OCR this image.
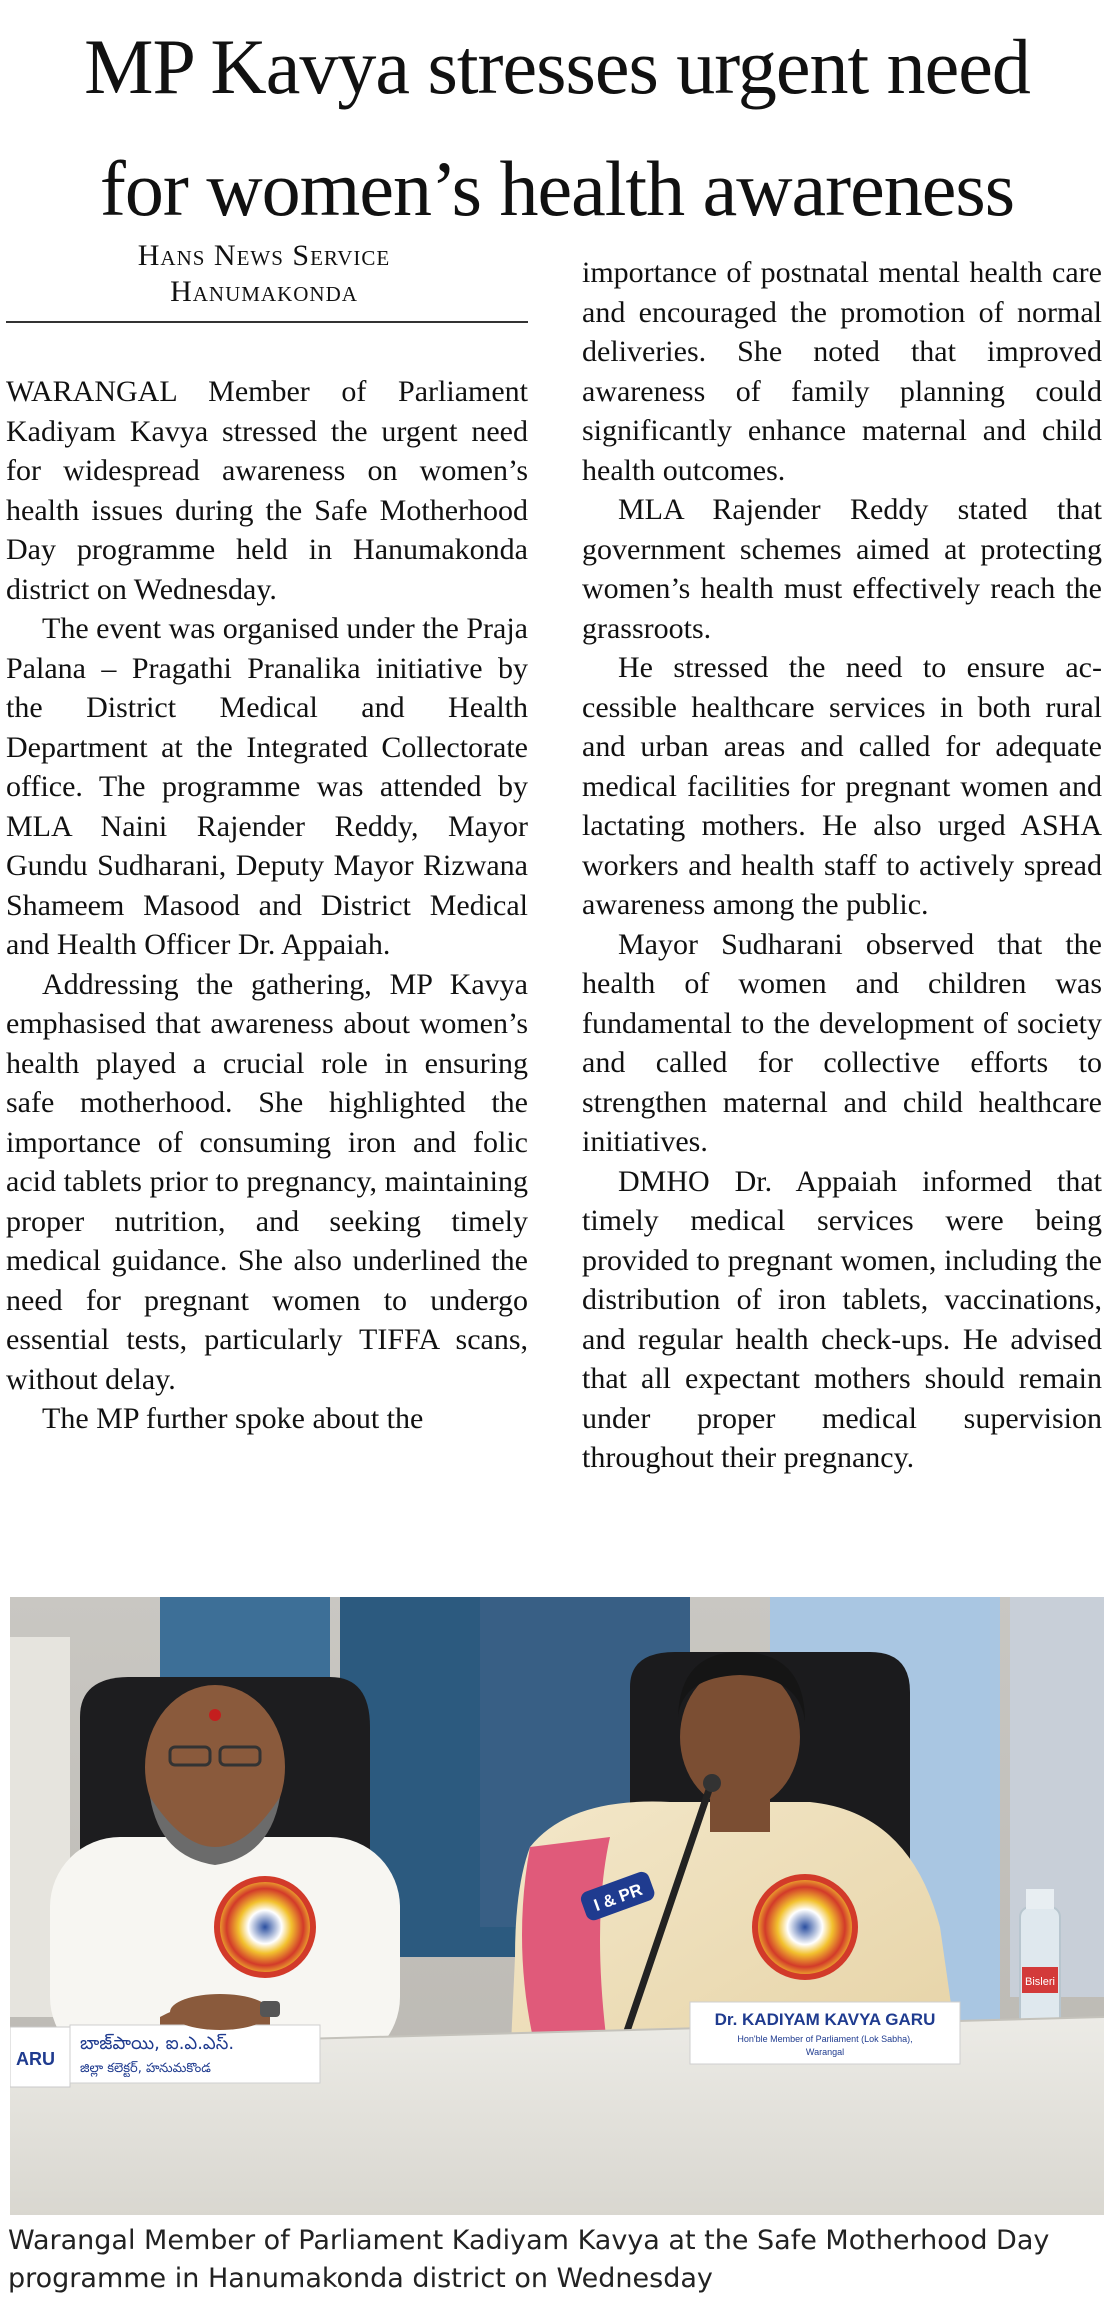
MP Kavya stresses urgent need
for women’s health awareness
Hans News Service
Hanumakonda

WARANGAL Member of Parliament Kadiyam Kavya stressed the urgent need for widespread awareness on women’s health issues during the Safe Motherhood Day programme held in Hanumakonda district on Wednesday.

The event was organised under the Praja Palana – Pragathi Pranalika initiative by the District Medical and Health Department at the Integrated Collectorate office. The programme was attended by MLA Naini Rajender Reddy, Mayor Gundu Sudharani, Deputy Mayor Rizwana Shameem Masood and District Medical and Health Officer Dr. Appaiah.

Addressing the gathering, MP Kavya emphasised that awareness about women’s health played a crucial role in ensuring safe motherhood. She highlighted the importance of consuming iron and folic acid tablets prior to pregnancy, maintaining proper nutrition, and seeking timely medical guidance. She also underlined the need for pregnant women to undergo essential tests, particularly TIFFA scans, without delay.

The MP further spoke about the

importance of postnatal mental health care and encouraged the promotion of normal deliveries. She noted that improved awareness of family planning could significantly enhance maternal and child health outcomes.

MLA Rajender Reddy stated that government schemes aimed at protecting women’s health must effectively reach the grassroots.

He stressed the need to ensure accessible healthcare services in both rural and urban areas and called for adequate medical facilities for pregnant women and lactating mothers. He also urged ASHA workers and health staff to actively spread awareness among the public.

Mayor Sudharani observed that the health of women and children was fundamental to the development of society and called for collective efforts to strengthen maternal and child healthcare initiatives.

DMHO Dr. Appaiah informed that timely medical services were being provided to pregnant women, including the distribution of iron tablets, vaccinations, and regular health check-ups. He advised that all expectant mothers should remain under proper medical supervision throughout their pregnancy.

I & PR
Bisleri
ARU
బాజ్‌పాయి, ఐ.ఎ.ఎస్.
జిల్లా కలెక్టర్, హనుమకొండ
Dr. KADIYAM KAVYA GARU
Hon'ble Member of Parliament (Lok Sabha),
Warangal
Warangal Member of Parliament Kadiyam Kavya at the Safe Motherhood Day programme in Hanumakonda district on Wednesday
